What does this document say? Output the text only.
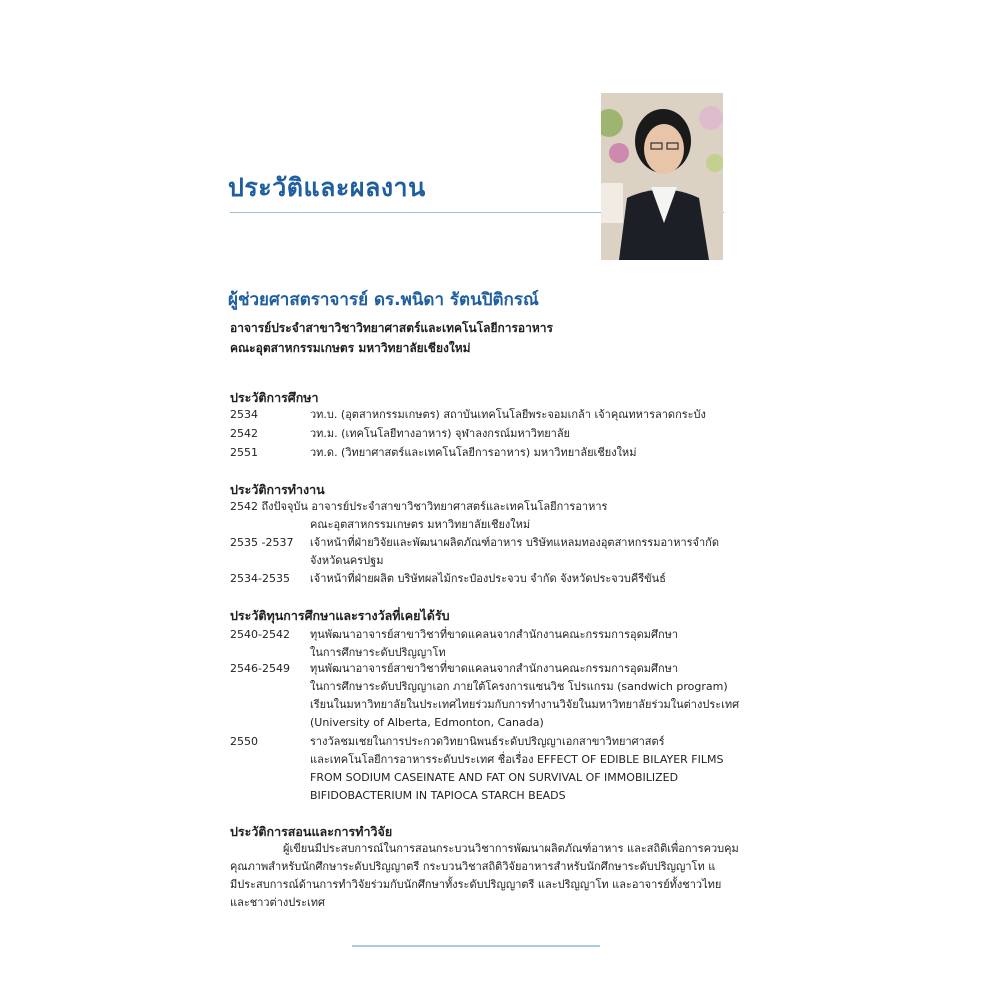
ประวัติและผลงาน
ผู้ช่วยศาสตราจารย์ ดร.พนิดา รัตนปิติกรณ์

อาจารย์ประจำสาขาวิชาวิทยาศาสตร์และเทคโนโลยีการอาหาร

คณะอุตสาหกรรมเกษตร มหาวิทยาลัยเชียงใหม่

ประวัติการศึกษา
2534	วท.บ. (อุตสาหกรรมเกษตร) สถาบันเทคโนโลยีพระจอมเกล้า เจ้าคุณทหารลาดกระบัง
2542	วท.ม. (เทคโนโลยีทางอาหาร) จุฬาลงกรณ์มหาวิทยาลัย
2551	วท.ด. (วิทยาศาสตร์และเทคโนโลยีการอาหาร) มหาวิทยาลัยเชียงใหม่
ประวัติการทำงาน
2542 ถึงปัจจุบัน อาจารย์ประจำสาขาวิชาวิทยาศาสตร์และเทคโนโลยีการอาหาร
คณะอุตสาหกรรมเกษตร มหาวิทยาลัยเชียงใหม่
2535 -2537	เจ้าหน้าที่ฝ่ายวิจัยและพัฒนาผลิตภัณฑ์อาหาร บริษัทแหลมทองอุตสาหกรรมอาหารจำกัด
จังหวัดนครปฐม
2534-2535	เจ้าหน้าที่ฝ่ายผลิต บริษัทผลไม้กระป๋องประจวบ จำกัด จังหวัดประจวบคีรีขันธ์
ประวัติทุนการศึกษาและรางวัลที่เคยได้รับ
2540-2542	ทุนพัฒนาอาจารย์สาขาวิชาที่ขาดแคลนจากสำนักงานคณะกรรมการอุดมศึกษา
ในการศึกษาระดับปริญญาโท
2546-2549	ทุนพัฒนาอาจารย์สาขาวิชาที่ขาดแคลนจากสำนักงานคณะกรรมการอุดมศึกษา
ในการศึกษาระดับปริญญาเอก ภายใต้โครงการแซนวิช โปรแกรม (sandwich program)
เรียนในมหาวิทยาลัยในประเทศไทยร่วมกับการทำงานวิจัยในมหาวิทยาลัยร่วมในต่างประเทศ
(University of Alberta, Edmonton, Canada)
2550	รางวัลชมเชยในการประกวดวิทยานิพนธ์ระดับปริญญาเอกสาขาวิทยาศาสตร์
และเทคโนโลยีการอาหารระดับประเทศ ชื่อเรื่อง EFFECT OF EDIBLE BILAYER FILMS
FROM SODIUM CASEINATE AND FAT ON SURVIVAL OF IMMOBILIZED
BIFIDOBACTERIUM IN TAPIOCA STARCH BEADS
ประวัติการสอนและการทำวิจัย
ผู้เขียนมีประสบการณ์ในการสอนกระบวนวิชาการพัฒนาผลิตภัณฑ์อาหาร และสถิติเพื่อการควบคุม
คุณภาพสำหรับนักศึกษาระดับปริญญาตรี กระบวนวิชาสถิติวิจัยอาหารสำหรับนักศึกษาระดับปริญญาโท แ
มีประสบการณ์ด้านการทำวิจัยร่วมกับนักศึกษาทั้งระดับปริญญาตรี และปริญญาโท และอาจารย์ทั้งชาวไทย
และชาวต่างประเทศ
